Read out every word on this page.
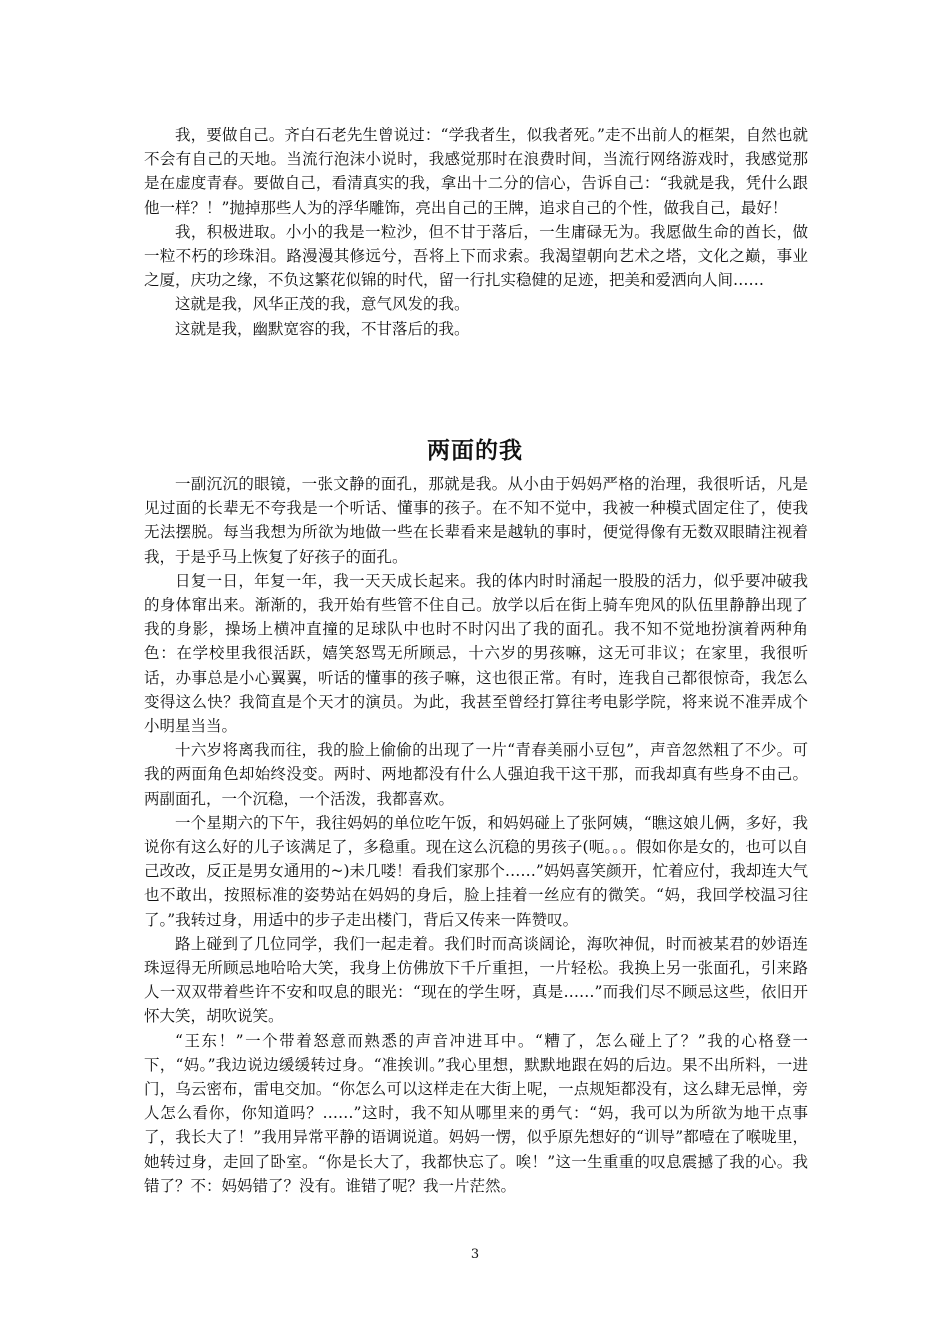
我，要做自己。齐白石老先生曾说过：“学我者生，似我者死。”走不出前人的框架，自然也就不会有自己的天地。当流行泡沫小说时，我感觉那时在浪费时间，当流行网络游戏时，我感觉那是在虚度青春。要做自己，看清真实的我，拿出十二分的信心，告诉自己：“我就是我，凭什么跟他一样？！”抛掉那些人为的浮华雕饰，亮出自己的王牌，追求自己的个性，做我自己，最好！

我，积极进取。小小的我是一粒沙，但不甘于落后，一生庸碌无为。我愿做生命的酋长，做一粒不朽的珍珠泪。路漫漫其修远兮，吾将上下而求索。我渴望朝向艺术之塔，文化之巅，事业之厦，庆功之缘，不负这繁花似锦的时代，留一行扎实稳健的足迹，把美和爱洒向人间……

这就是我，风华正茂的我，意气风发的我。

这就是我，幽默宽容的我，不甘落后的我。

两面的我

一副沉沉的眼镜，一张文静的面孔，那就是我。从小由于妈妈严格的治理，我很听话，凡是见过面的长辈无不夸我是一个听话、懂事的孩子。在不知不觉中，我被一种模式固定住了，使我无法摆脱。每当我想为所欲为地做一些在长辈看来是越轨的事时，便觉得像有无数双眼睛注视着我，于是乎马上恢复了好孩子的面孔。

日复一日，年复一年，我一天天成长起来。我的体内时时涌起一股股的活力，似乎要冲破我的身体窜出来。渐渐的，我开始有些管不住自己。放学以后在街上骑车兜风的队伍里静静出现了我的身影，操场上横冲直撞的足球队中也时不时闪出了我的面孔。我不知不觉地扮演着两种角色：在学校里我很活跃，嬉笑怒骂无所顾忌，十六岁的男孩嘛，这无可非议；在家里，我很听话，办事总是小心翼翼，听话的懂事的孩子嘛，这也很正常。有时，连我自己都很惊奇，我怎么变得这么快？我简直是个天才的演员。为此，我甚至曾经打算往考电影学院，将来说不准弄成个小明星当当。

十六岁将离我而往，我的脸上偷偷的出现了一片“青春美丽小豆包”，声音忽然粗了不少。可我的两面角色却始终没变。两时、两地都没有什么人强迫我干这干那，而我却真有些身不由己。两副面孔，一个沉稳，一个活泼，我都喜欢。

一个星期六的下午，我往妈妈的单位吃午饭，和妈妈碰上了张阿姨，“瞧这娘儿俩，多好，我说你有这么好的儿子该满足了，多稳重。现在这么沉稳的男孩子(呃。。。假如你是女的，也可以自己改改，反正是男女通用的~)未几喽！看我们家那个……”妈妈喜笑颜开，忙着应付，我却连大气也不敢出，按照标准的姿势站在妈妈的身后，脸上挂着一丝应有的微笑。“妈，我回学校温习往了。”我转过身，用适中的步子走出楼门，背后又传来一阵赞叹。

路上碰到了几位同学，我们一起走着。我们时而高谈阔论，海吹神侃，时而被某君的妙语连珠逗得无所顾忌地哈哈大笑，我身上仿佛放下千斤重担，一片轻松。我换上另一张面孔，引来路人一双双带着些许不安和叹息的眼光：“现在的学生呀，真是……”而我们尽不顾忌这些，依旧开怀大笑，胡吹说笑。

“王东！”一个带着怒意而熟悉的声音冲进耳中。“糟了，怎么碰上了？”我的心格登一下，“妈。”我边说边缓缓转过身。“准挨训。”我心里想，默默地跟在妈的后边。果不出所料，一进门，乌云密布，雷电交加。“你怎么可以这样走在大街上呢，一点规矩都没有，这么肆无忌惮，旁人怎么看你，你知道吗？……”这时，我不知从哪里来的勇气：“妈，我可以为所欲为地干点事了，我长大了！”我用异常平静的语调说道。妈妈一愣，似乎原先想好的“训导”都噎在了喉咙里，她转过身，走回了卧室。“你是长大了，我都快忘了。唉！”这一生重重的叹息震撼了我的心。我错了？不：妈妈错了？没有。谁错了呢？我一片茫然。

3
